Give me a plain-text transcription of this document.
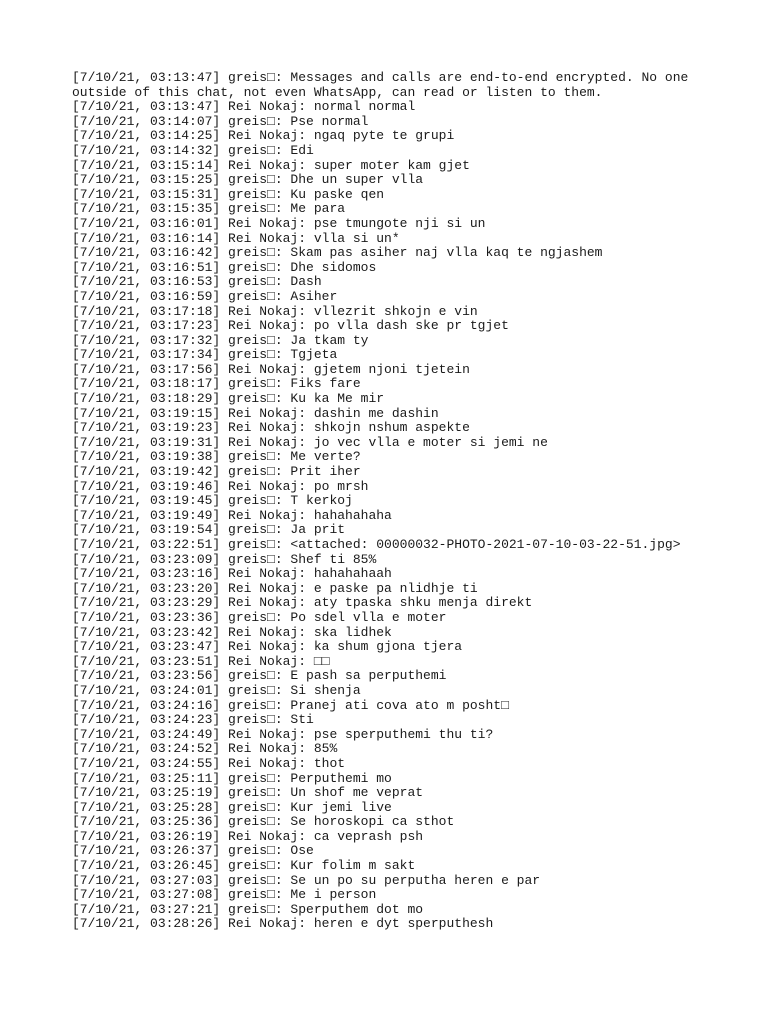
[7/10/21, 03:13:47] greis□: Messages and calls are end-to-end encrypted. No one
outside of this chat, not even WhatsApp, can read or listen to them.
[7/10/21, 03:13:47] Rei Nokaj: normal normal
[7/10/21, 03:14:07] greis□: Pse normal
[7/10/21, 03:14:25] Rei Nokaj: ngaq pyte te grupi
[7/10/21, 03:14:32] greis□: Edi
[7/10/21, 03:15:14] Rei Nokaj: super moter kam gjet
[7/10/21, 03:15:25] greis□: Dhe un super vlla
[7/10/21, 03:15:31] greis□: Ku paske qen
[7/10/21, 03:15:35] greis□: Me para
[7/10/21, 03:16:01] Rei Nokaj: pse tmungote nji si un
[7/10/21, 03:16:14] Rei Nokaj: vlla si un*
[7/10/21, 03:16:42] greis□: Skam pas asiher naj vlla kaq te ngjashem
[7/10/21, 03:16:51] greis□: Dhe sidomos
[7/10/21, 03:16:53] greis□: Dash
[7/10/21, 03:16:59] greis□: Asiher
[7/10/21, 03:17:18] Rei Nokaj: vllezrit shkojn e vin
[7/10/21, 03:17:23] Rei Nokaj: po vlla dash ske pr tgjet
[7/10/21, 03:17:32] greis□: Ja tkam ty
[7/10/21, 03:17:34] greis□: Tgjeta
[7/10/21, 03:17:56] Rei Nokaj: gjetem njoni tjetein
[7/10/21, 03:18:17] greis□: Fiks fare
[7/10/21, 03:18:29] greis□: Ku ka Me mir
[7/10/21, 03:19:15] Rei Nokaj: dashin me dashin
[7/10/21, 03:19:23] Rei Nokaj: shkojn nshum aspekte
[7/10/21, 03:19:31] Rei Nokaj: jo vec vlla e moter si jemi ne
[7/10/21, 03:19:38] greis□: Me verte?
[7/10/21, 03:19:42] greis□: Prit iher
[7/10/21, 03:19:46] Rei Nokaj: po mrsh
[7/10/21, 03:19:45] greis□: T kerkoj
[7/10/21, 03:19:49] Rei Nokaj: hahahahaha
[7/10/21, 03:19:54] greis□: Ja prit
[7/10/21, 03:22:51] greis□: <attached: 00000032-PHOTO-2021-07-10-03-22-51.jpg>
[7/10/21, 03:23:09] greis□: Shef ti 85%
[7/10/21, 03:23:16] Rei Nokaj: hahahahaah
[7/10/21, 03:23:20] Rei Nokaj: e paske pa nlidhje ti
[7/10/21, 03:23:29] Rei Nokaj: aty tpaska shku menja direkt
[7/10/21, 03:23:36] greis□: Po sdel vlla e moter
[7/10/21, 03:23:42] Rei Nokaj: ska lidhek
[7/10/21, 03:23:47] Rei Nokaj: ka shum gjona tjera
[7/10/21, 03:23:51] Rei Nokaj: □□
[7/10/21, 03:23:56] greis□: E pash sa perputhemi
[7/10/21, 03:24:01] greis□: Si shenja
[7/10/21, 03:24:16] greis□: Pranej ati cova ato m posht□
[7/10/21, 03:24:23] greis□: Sti
[7/10/21, 03:24:49] Rei Nokaj: pse sperputhemi thu ti?
[7/10/21, 03:24:52] Rei Nokaj: 85%
[7/10/21, 03:24:55] Rei Nokaj: thot
[7/10/21, 03:25:11] greis□: Perputhemi mo
[7/10/21, 03:25:19] greis□: Un shof me veprat
[7/10/21, 03:25:28] greis□: Kur jemi live
[7/10/21, 03:25:36] greis□: Se horoskopi ca sthot
[7/10/21, 03:26:19] Rei Nokaj: ca veprash psh
[7/10/21, 03:26:37] greis□: Ose
[7/10/21, 03:26:45] greis□: Kur folim m sakt
[7/10/21, 03:27:03] greis□: Se un po su perputha heren e par
[7/10/21, 03:27:08] greis□: Me i person
[7/10/21, 03:27:21] greis□: Sperputhem dot mo
[7/10/21, 03:28:26] Rei Nokaj: heren e dyt sperputhesh
